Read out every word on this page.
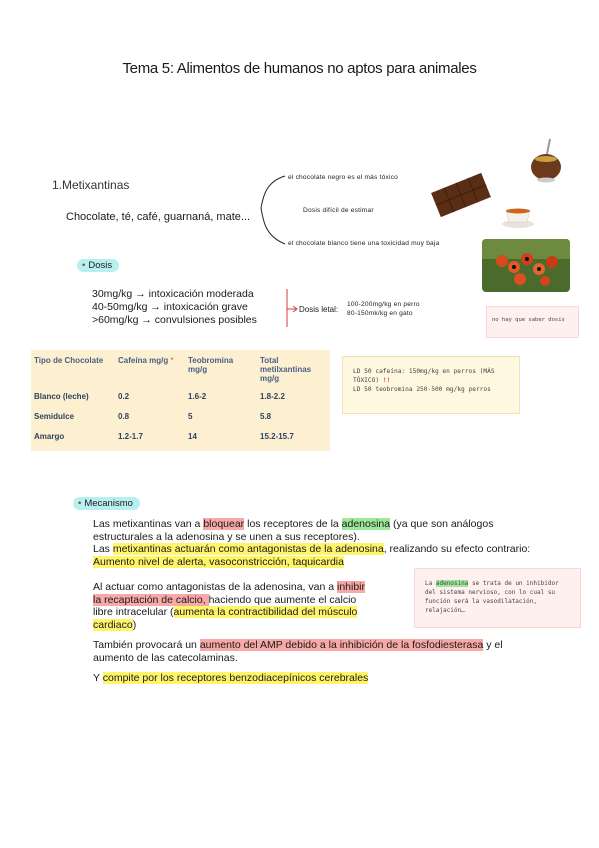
Tema 5: Alimentos de humanos no aptos para animales
1.Metixantinas
Chocolate, té, café, guarnaná, mate...
el chocolate negro es el más tóxico
Dosis difícil de estimar
el chocolate blanco tiene una toxicidad muy baja
• Dosis
30mg/kg → intoxicación moderada
40-50mg/kg → intoxicación grave
>60mg/kg → convulsiones posibles
Dosis letal:
100-200mg/kg en perro
80-150mk/kg en gato
no hay que saber dosis
Tipo de Chocolate	Cafeína mg/g *	Teobromina mg/g	Total metilxantinas mg/g
Blanco (leche)	0.2	1.6-2	1.8-2.2
Semidulce	0.8	5	5.8
Amargo	1.2-1.7	14	15.2-15.7
LD 50 cafeína: 150mg/kg en perros (MÁS TÓXICO) !!
LD 50 teobromina 250-500 mg/kg perros
• Mecanismo
Las metixantinas van a bloquear los receptores de la adenosina (ya que son análogos estructurales a la adenosina y se unen a sus receptores).
Las metixantinas actuarán como antagonistas de la adenosina, realizando su efecto contrario: Aumento nivel de alerta, vasoconstricción, taquicardia
Al actuar como antagonistas de la adenosina, van a inhibir la recaptación de calcio, haciendo que aumente el calcio libre intracelular (aumenta la contractibilidad del músculo cardiaco)
La adenosina se trata de un inhibidor del sistema nervioso, con lo cual su función será la vasodilatación, relajación…
También provocará un aumento del AMP debido a la inhibición de la fosfodiesterasa y el aumento de las catecolaminas.
Y compite por los receptores benzodiacepínicos cerebrales
